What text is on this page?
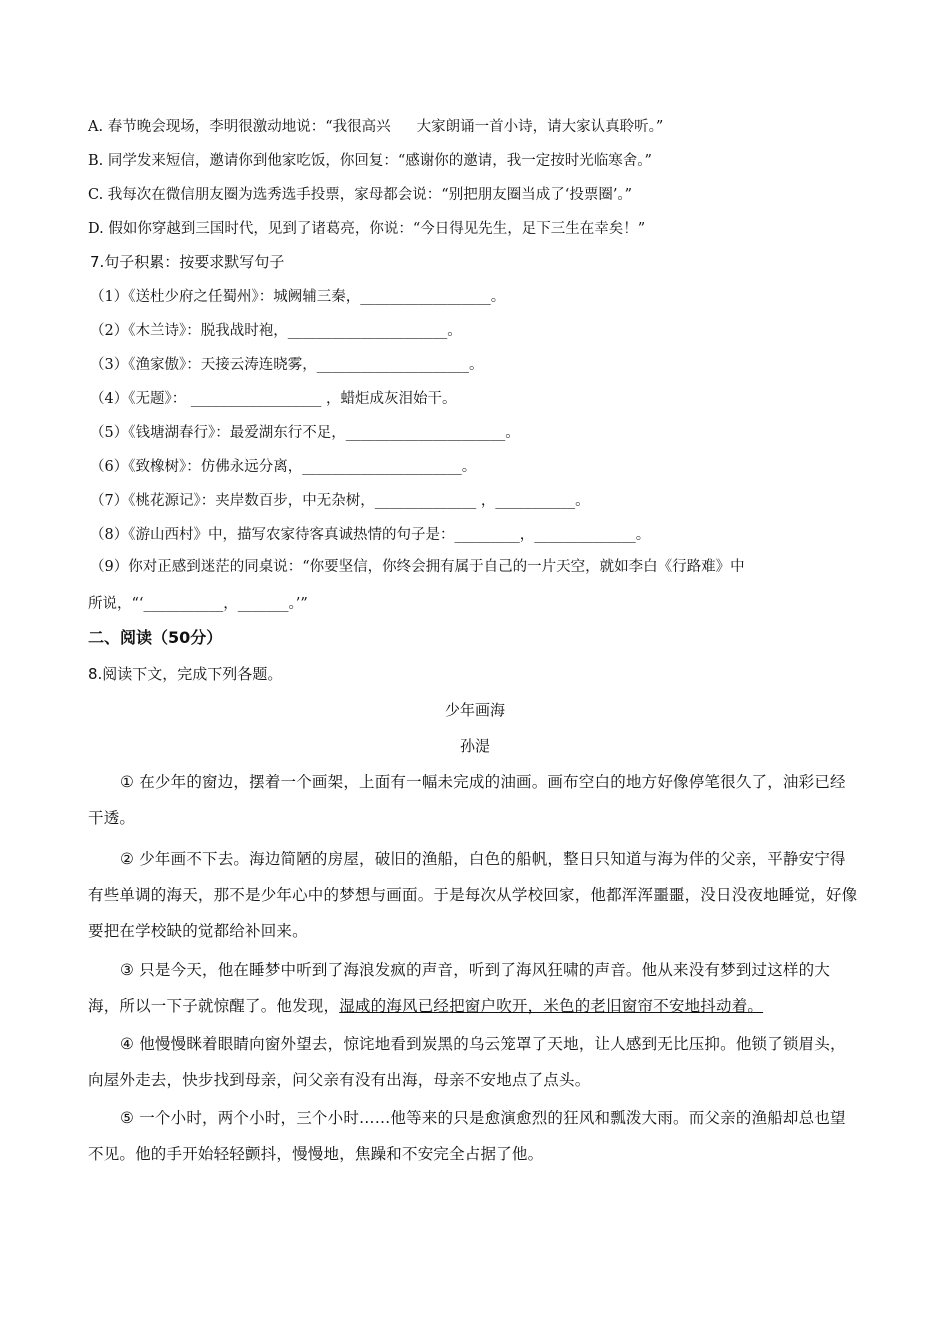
A. 春节晚会现场，李明很激动地说：“我很高兴 大家朗诵一首小诗，请大家认真聆听。”
B. 同学发来短信，邀请你到他家吃饭，你回复：“感谢你的邀请，我一定按时光临寒舍。”
C. 我每次在微信朋友圈为选秀选手投票，家母都会说：“别把朋友圈当成了‘投票圈’。”
D. 假如你穿越到三国时代，见到了诸葛亮，你说：“今日得见先生，足下三生在幸矣！”
7.句子积累：按要求默写句子
（1）《送杜少府之任蜀州》：城阙辅三秦，__________________。
（2）《木兰诗》：脱我战时袍，______________________。
（3）《渔家傲》：天接云涛连晓雾，_____________________。
（4）《无题》： __________________ ，蜡炬成灰泪始干。
（5）《钱塘湖春行》：最爱湖东行不足，______________________。
（6）《致橡树》：仿佛永远分离，______________________。
（7）《桃花源记》：夹岸数百步，中无杂树，______________ ，___________。
（8）《游山西村》中，描写农家待客真诚热情的句子是：_________，______________。
（9）你对正感到迷茫的同桌说：“你要坚信，你终会拥有属于自己的一片天空，就如李白《行路难》中
所说，“‘___________，_______。’”
二、阅读（50分）
8.阅读下文，完成下列各题。
少年画海
孙湜
① 在少年的窗边，摆着一个画架，上面有一幅未完成的油画。画布空白的地方好像停笔很久了，油彩已经干透。
② 少年画不下去。海边简陋的房屋，破旧的渔船，白色的船帆，整日只知道与海为伴的父亲，平静安宁得有些单调的海天，那不是少年心中的梦想与画面。于是每次从学校回家，他都浑浑噩噩，没日没夜地睡觉，好像要把在学校缺的觉都给补回来。
③ 只是今天，他在睡梦中听到了海浪发疯的声音，听到了海风狂啸的声音。他从来没有梦到过这样的大海，所以一下子就惊醒了。他发现，湿咸的海风已经把窗户吹开，米色的老旧窗帘不安地抖动着。
④ 他慢慢眯着眼睛向窗外望去，惊诧地看到炭黑的乌云笼罩了天地，让人感到无比压抑。他锁了锁眉头，向屋外走去，快步找到母亲，问父亲有没有出海，母亲不安地点了点头。
⑤ 一个小时，两个小时，三个小时……他等来的只是愈演愈烈的狂风和瓢泼大雨。而父亲的渔船却总也望不见。他的手开始轻轻颤抖，慢慢地，焦躁和不安完全占据了他。
